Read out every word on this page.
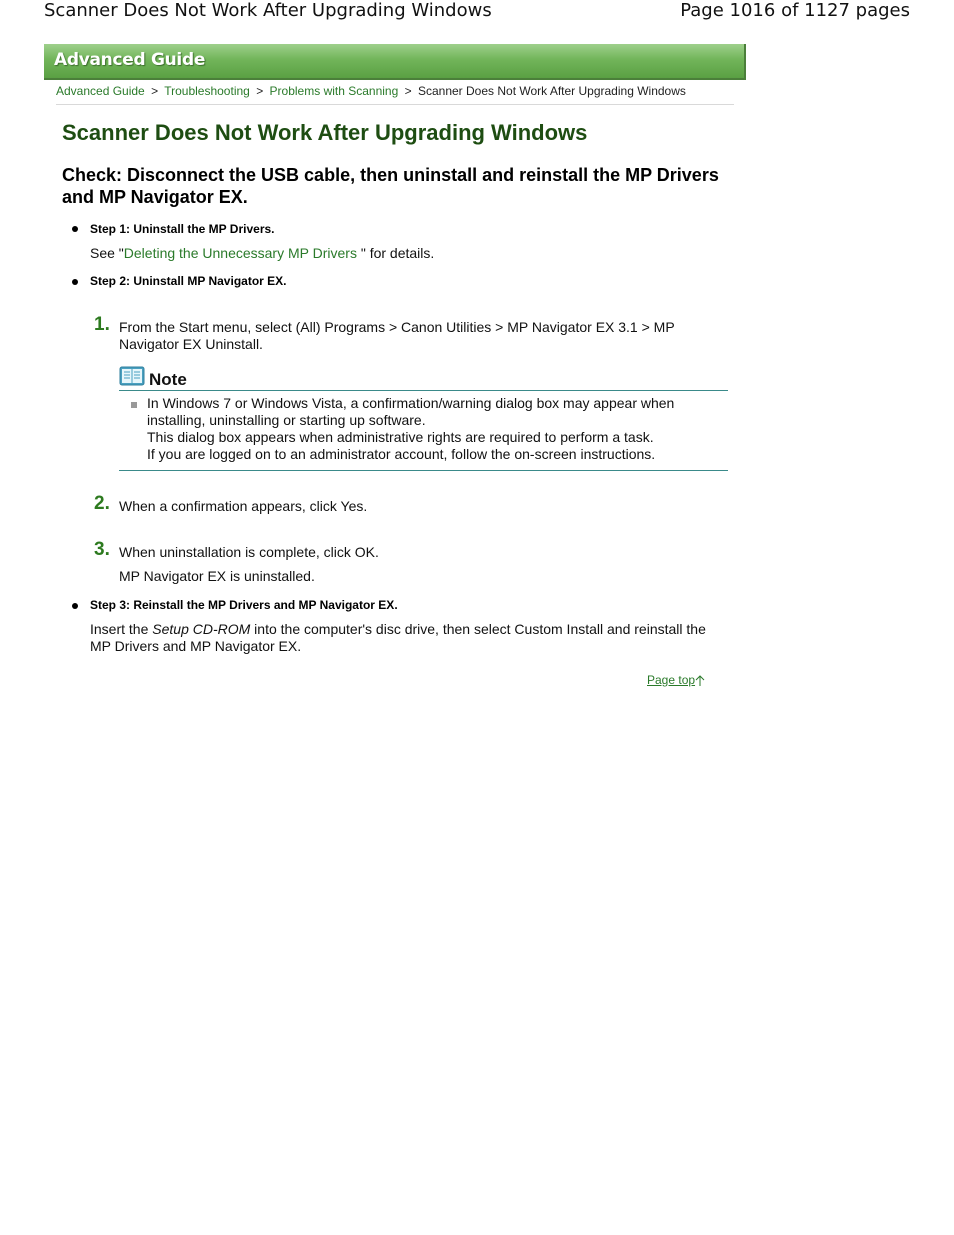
Scanner Does Not Work After Upgrading Windows	Page 1016 of 1127 pages
Advanced Guide
Advanced Guide > Troubleshooting > Problems with Scanning > Scanner Does Not Work After Upgrading Windows
Scanner Does Not Work After Upgrading Windows
Check: Disconnect the USB cable, then uninstall and reinstall the MP Drivers and MP Navigator EX.
Step 1: Uninstall the MP Drivers.
See "Deleting the Unnecessary MP Drivers " for details.
Step 2: Uninstall MP Navigator EX.
1. From the Start menu, select (All) Programs > Canon Utilities > MP Navigator EX 3.1 > MP Navigator EX Uninstall.
Note
In Windows 7 or Windows Vista, a confirmation/warning dialog box may appear when installing, uninstalling or starting up software.
This dialog box appears when administrative rights are required to perform a task.
If you are logged on to an administrator account, follow the on-screen instructions.
2. When a confirmation appears, click Yes.
3. When uninstallation is complete, click OK.
MP Navigator EX is uninstalled.
Step 3: Reinstall the MP Drivers and MP Navigator EX.
Insert the Setup CD-ROM into the computer's disc drive, then select Custom Install and reinstall the MP Drivers and MP Navigator EX.
Page top
